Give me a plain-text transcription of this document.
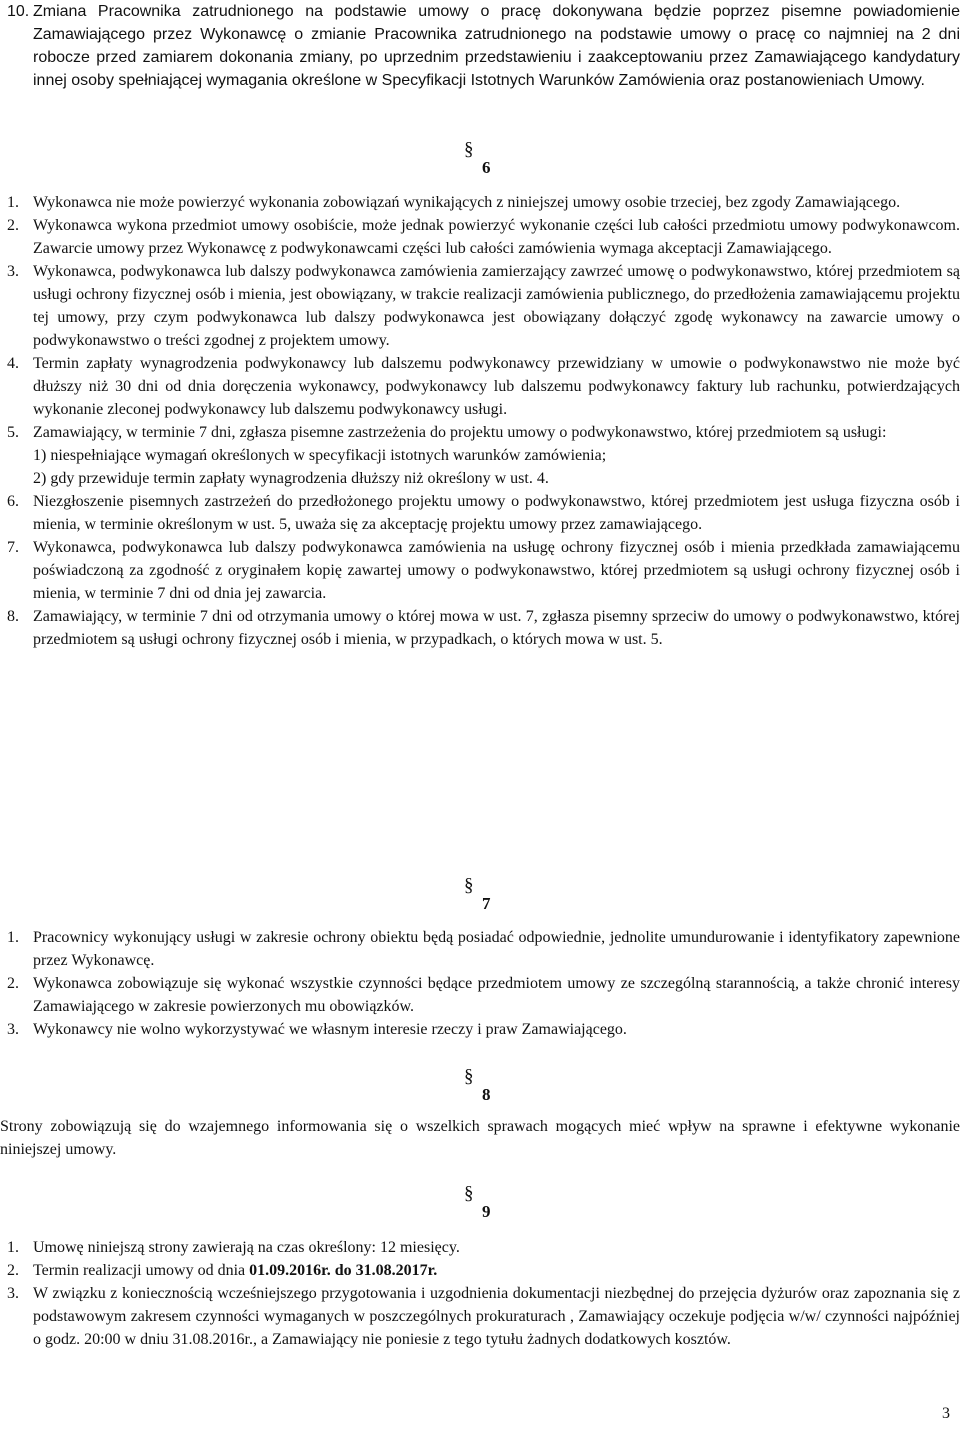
10. Zmiana Pracownika zatrudnionego na podstawie umowy o pracę dokonywana będzie poprzez pisemne powiadomienie Zamawiającego przez Wykonawcę o zmianie Pracownika zatrudnionego na podstawie umowy o pracę co najmniej na 2 dni robocze przed zamiarem dokonania zmiany, po uprzednim przedstawieniu i zaakceptowaniu przez Zamawiającego kandydatury innej osoby spełniającej wymagania określone w Specyfikacji Istotnych Warunków Zamówienia oraz postanowieniach Umowy.
§
6
1. Wykonawca nie może powierzyć wykonania zobowiązań wynikających z niniejszej umowy osobie trzeciej, bez zgody Zamawiającego.
2. Wykonawca wykona przedmiot umowy osobiście, może jednak powierzyć wykonanie części lub całości przedmiotu umowy podwykonawcom. Zawarcie umowy przez Wykonawcę z podwykonawcami części lub całości zamówienia wymaga akceptacji Zamawiającego.
3. Wykonawca, podwykonawca lub dalszy podwykonawca zamówienia zamierzający zawrzeć umowę o podwykonawstwo, której przedmiotem są usługi ochrony fizycznej osób i mienia, jest obowiązany, w trakcie realizacji zamówienia publicznego, do przedłożenia zamawiającemu projektu tej umowy, przy czym podwykonawca lub dalszy podwykonawca jest obowiązany dołączyć zgodę wykonawcy na zawarcie umowy o podwykonawstwo o treści zgodnej z projektem umowy.
4. Termin zapłaty wynagrodzenia podwykonawcy lub dalszemu podwykonawcy przewidziany w umowie o podwykonawstwo nie może być dłuższy niż 30 dni od dnia doręczenia wykonawcy, podwykonawcy lub dalszemu podwykonawcy faktury lub rachunku, potwierdzających wykonanie zleconej podwykonawcy lub dalszemu podwykonawcy usługi.
5. Zamawiający, w terminie 7 dni, zgłasza pisemne zastrzeżenia do projektu umowy o podwykonawstwo, której przedmiotem są usługi:
1) niespełniające wymagań określonych w specyfikacji istotnych warunków zamówienia;
2) gdy przewiduje termin zapłaty wynagrodzenia dłuższy niż określony w ust. 4.
6. Niezgłoszenie pisemnych zastrzeżeń do przedłożonego projektu umowy o podwykonawstwo, której przedmiotem jest usługa fizyczna osób i mienia, w terminie określonym w ust. 5, uważa się za akceptację projektu umowy przez zamawiającego.
7. Wykonawca, podwykonawca lub dalszy podwykonawca zamówienia na usługę ochrony fizycznej osób i mienia przedkłada zamawiającemu poświadczoną za zgodność z oryginałem kopię zawartej umowy o podwykonawstwo, której przedmiotem są usługi ochrony fizycznej osób i mienia, w terminie 7 dni od dnia jej zawarcia.
8. Zamawiający, w terminie 7 dni od otrzymania umowy o której mowa w ust. 7, zgłasza pisemny sprzeciw do umowy o podwykonawstwo, której przedmiotem są usługi ochrony fizycznej osób i mienia, w przypadkach, o których mowa w ust. 5.
§
7
1. Pracownicy wykonujący usługi w zakresie ochrony obiektu będą posiadać odpowiednie, jednolite umundurowanie i identyfikatory zapewnione przez Wykonawcę.
2. Wykonawca zobowiązuje się wykonać wszystkie czynności będące przedmiotem umowy ze szczególną starannością, a także chronić interesy Zamawiającego w zakresie powierzonych mu obowiązków.
3. Wykonawcy nie wolno wykorzystywać we własnym interesie rzeczy i praw Zamawiającego.
§
8
Strony zobowiązują się do wzajemnego informowania się o wszelkich sprawach mogących mieć wpływ na sprawne i efektywne wykonanie niniejszej umowy.
§
9
1. Umowę niniejszą strony zawierają na czas określony: 12 miesięcy.
2. Termin realizacji umowy od dnia 01.09.2016r. do 31.08.2017r.
3. W związku z koniecznością wcześniejszego przygotowania i uzgodnienia dokumentacji niezbędnej do przejęcia dyżurów oraz zapoznania się z podstawowym zakresem czynności wymaganych w poszczególnych prokuraturach , Zamawiający oczekuje podjęcia w/w/ czynności najpóźniej o godz. 20:00 w dniu 31.08.2016r., a Zamawiający nie poniesie z tego tytułu żadnych dodatkowych kosztów.
3
